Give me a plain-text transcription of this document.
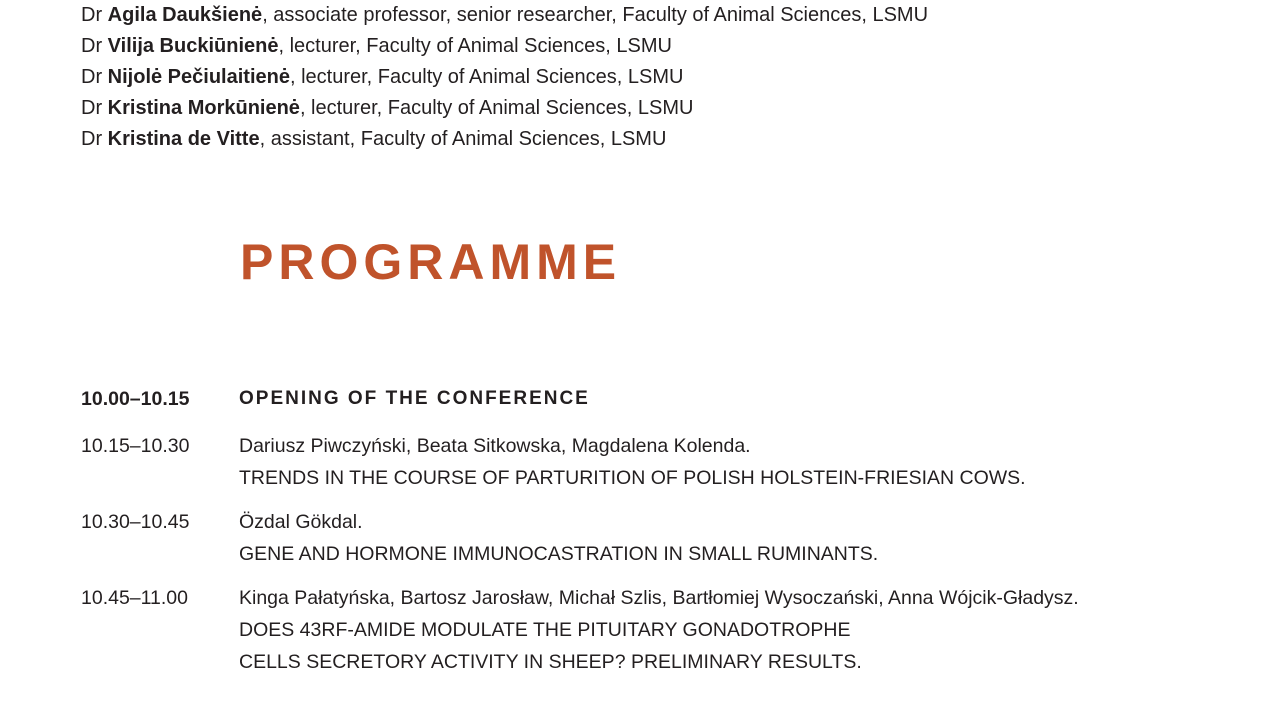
Dr Agila Daukšienė, associate professor, senior researcher, Faculty of Animal Sciences, LSMU
Dr Vilija Buckiūnienė, lecturer, Faculty of Animal Sciences, LSMU
Dr Nijolė Pečiulaitienė, lecturer, Faculty of Animal Sciences, LSMU
Dr Kristina Morkūnienė, lecturer, Faculty of Animal Sciences, LSMU
Dr Kristina de Vitte, assistant, Faculty of Animal Sciences, LSMU
PROGRAMME
10.00–10.15	OPENING OF THE CONFERENCE
10.15–10.30	Dariusz Piwczyński, Beata Sitkowska, Magdalena Kolenda.
TRENDS IN THE COURSE OF PARTURITION OF POLISH HOLSTEIN-FRIESIAN COWS.
10.30–10.45	Özdal Gökdal.
GENE AND HORMONE IMMUNOCASTRATION IN SMALL RUMINANTS.
10.45–11.00	Kinga Pałatyńska, Bartosz Jarosław, Michał Szlis, Bartłomiej Wysoczański, Anna Wójcik-Gładysz.
DOES 43RF-AMIDE MODULATE THE PITUITARY GONADOTROPHE
CELLS SECRETORY ACTIVITY IN SHEEP? PRELIMINARY RESULTS.
